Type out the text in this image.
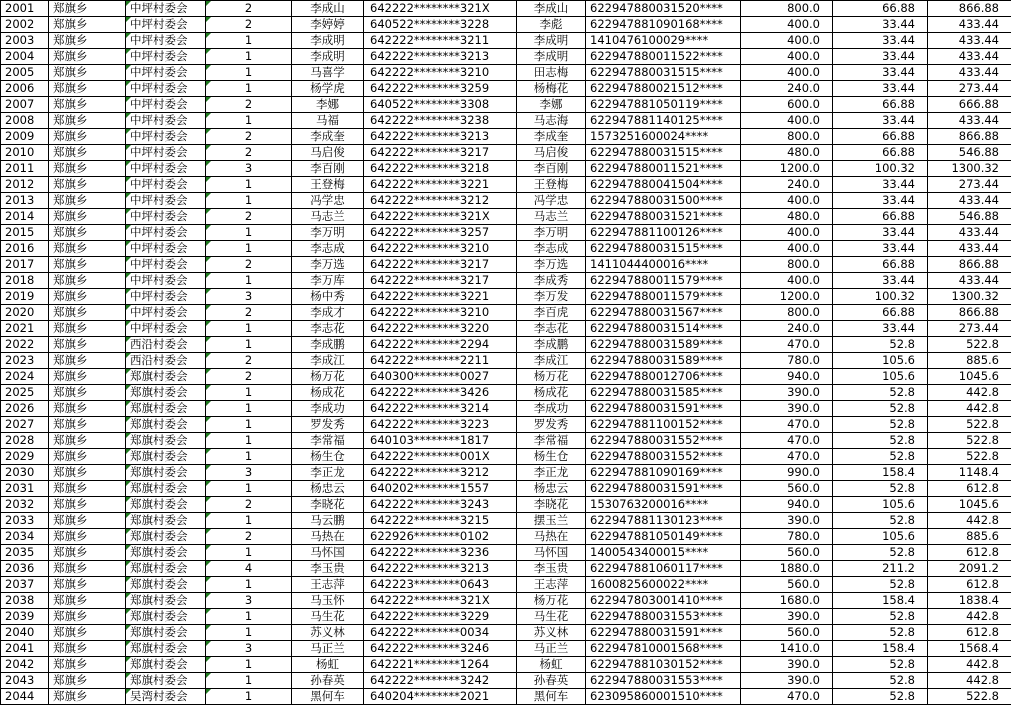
2001	郑旗乡	中坪村委会	2	李成山	642222********321X	李成山	622947880031520****	800.0	66.88	866.88
2002	郑旗乡	中坪村委会	2	李婷婷	640522********3228	李彪	622947881090168****	400.0	33.44	433.44
2003	郑旗乡	中坪村委会	1	李成明	642222********3211	李成明	1410476100029****	400.0	33.44	433.44
2004	郑旗乡	中坪村委会	1	李成明	642222********3213	李成明	622947880011522****	400.0	33.44	433.44
2005	郑旗乡	中坪村委会	1	马喜学	642222********3210	田志梅	622947880031515****	400.0	33.44	433.44
2006	郑旗乡	中坪村委会	1	杨学虎	642222********3259	杨梅花	622947880021512****	240.0	33.44	273.44
2007	郑旗乡	中坪村委会	2	李娜	640522********3308	李娜	622947881050119****	600.0	66.88	666.88
2008	郑旗乡	中坪村委会	1	马福	642222********3238	马志海	622947881140125****	400.0	33.44	433.44
2009	郑旗乡	中坪村委会	2	李成奎	642222********3213	李成奎	1573251600024****	800.0	66.88	866.88
2010	郑旗乡	中坪村委会	2	马启俊	642222********3217	马启俊	622947880031515****	480.0	66.88	546.88
2011	郑旗乡	中坪村委会	3	李百刚	642222********3218	李百刚	622947880011521****	1200.0	100.32	1300.32
2012	郑旗乡	中坪村委会	1	王登梅	642222********3221	王登梅	622947880041504****	240.0	33.44	273.44
2013	郑旗乡	中坪村委会	1	冯学忠	642222********3212	冯学忠	622947880031500****	400.0	33.44	433.44
2014	郑旗乡	中坪村委会	2	马志兰	642222********321X	马志兰	622947880031521****	480.0	66.88	546.88
2015	郑旗乡	中坪村委会	1	李万明	642222********3257	李万明	622947881100126****	400.0	33.44	433.44
2016	郑旗乡	中坪村委会	1	李志成	642222********3210	李志成	622947880031515****	400.0	33.44	433.44
2017	郑旗乡	中坪村委会	2	李万选	642222********3217	李万选	1411044400016****	800.0	66.88	866.88
2018	郑旗乡	中坪村委会	1	李万库	642222********3217	李成秀	622947880011579****	400.0	33.44	433.44
2019	郑旗乡	中坪村委会	3	杨中秀	642222********3221	李万发	622947880011579****	1200.0	100.32	1300.32
2020	郑旗乡	中坪村委会	2	李成才	642222********3210	李百虎	622947880031567****	800.0	66.88	866.88
2021	郑旗乡	中坪村委会	1	李志花	642222********3220	李志花	622947880031514****	240.0	33.44	273.44
2022	郑旗乡	西沿村委会	1	李成鹏	642222********2294	李成鹏	622947880031589****	470.0	52.8	522.8
2023	郑旗乡	西沿村委会	2	李成江	642222********2211	李成江	622947880031589****	780.0	105.6	885.6
2024	郑旗乡	郑旗村委会	2	杨万花	640300********0027	杨万花	622947880012706****	940.0	105.6	1045.6
2025	郑旗乡	郑旗村委会	1	杨成花	642222********3426	杨成花	622947880031585****	390.0	52.8	442.8
2026	郑旗乡	郑旗村委会	1	李成功	642222********3214	李成功	622947880031591****	390.0	52.8	442.8
2027	郑旗乡	郑旗村委会	1	罗发秀	642222********3223	罗发秀	622947881100152****	470.0	52.8	522.8
2028	郑旗乡	郑旗村委会	1	李常福	640103********1817	李常福	622947880031552****	470.0	52.8	522.8
2029	郑旗乡	郑旗村委会	1	杨生仓	642222********001X	杨生仓	622947880031552****	470.0	52.8	522.8
2030	郑旗乡	郑旗村委会	3	李正龙	642222********3212	李正龙	622947881090169****	990.0	158.4	1148.4
2031	郑旗乡	郑旗村委会	1	杨忠云	640202********1557	杨忠云	622947880031591****	560.0	52.8	612.8
2032	郑旗乡	郑旗村委会	2	李晓花	642222********3243	李晓花	1530763200016****	940.0	105.6	1045.6
2033	郑旗乡	郑旗村委会	1	马云鹏	642222********3215	摆玉兰	622947881130123****	390.0	52.8	442.8
2034	郑旗乡	郑旗村委会	2	马热在	622926********0102	马热在	622947881050149****	780.0	105.6	885.6
2035	郑旗乡	郑旗村委会	1	马怀国	642222********3236	马怀国	1400543400015****	560.0	52.8	612.8
2036	郑旗乡	郑旗村委会	4	李玉贵	642222********3213	李玉贵	622947881060117****	1880.0	211.2	2091.2
2037	郑旗乡	郑旗村委会	1	王志萍	642223********0643	王志萍	1600825600022****	560.0	52.8	612.8
2038	郑旗乡	郑旗村委会	3	马玉怀	642222********321X	杨万花	622947803001410****	1680.0	158.4	1838.4
2039	郑旗乡	郑旗村委会	1	马生花	642222********3229	马生花	622947880031553****	390.0	52.8	442.8
2040	郑旗乡	郑旗村委会	1	苏义林	642222********0034	苏义林	622947880031591****	560.0	52.8	612.8
2041	郑旗乡	郑旗村委会	3	马正兰	642222********3246	马正兰	622947810001568****	1410.0	158.4	1568.4
2042	郑旗乡	郑旗村委会	1	杨虹	642221********1264	杨虹	622947881030152****	390.0	52.8	442.8
2043	郑旗乡	郑旗村委会	1	孙春英	642222********3242	孙春英	622947880031553****	390.0	52.8	442.8
2044	郑旗乡	吴湾村委会	1	黑何车	640204********2021	黑何车	623095860001510****	470.0	52.8	522.8
